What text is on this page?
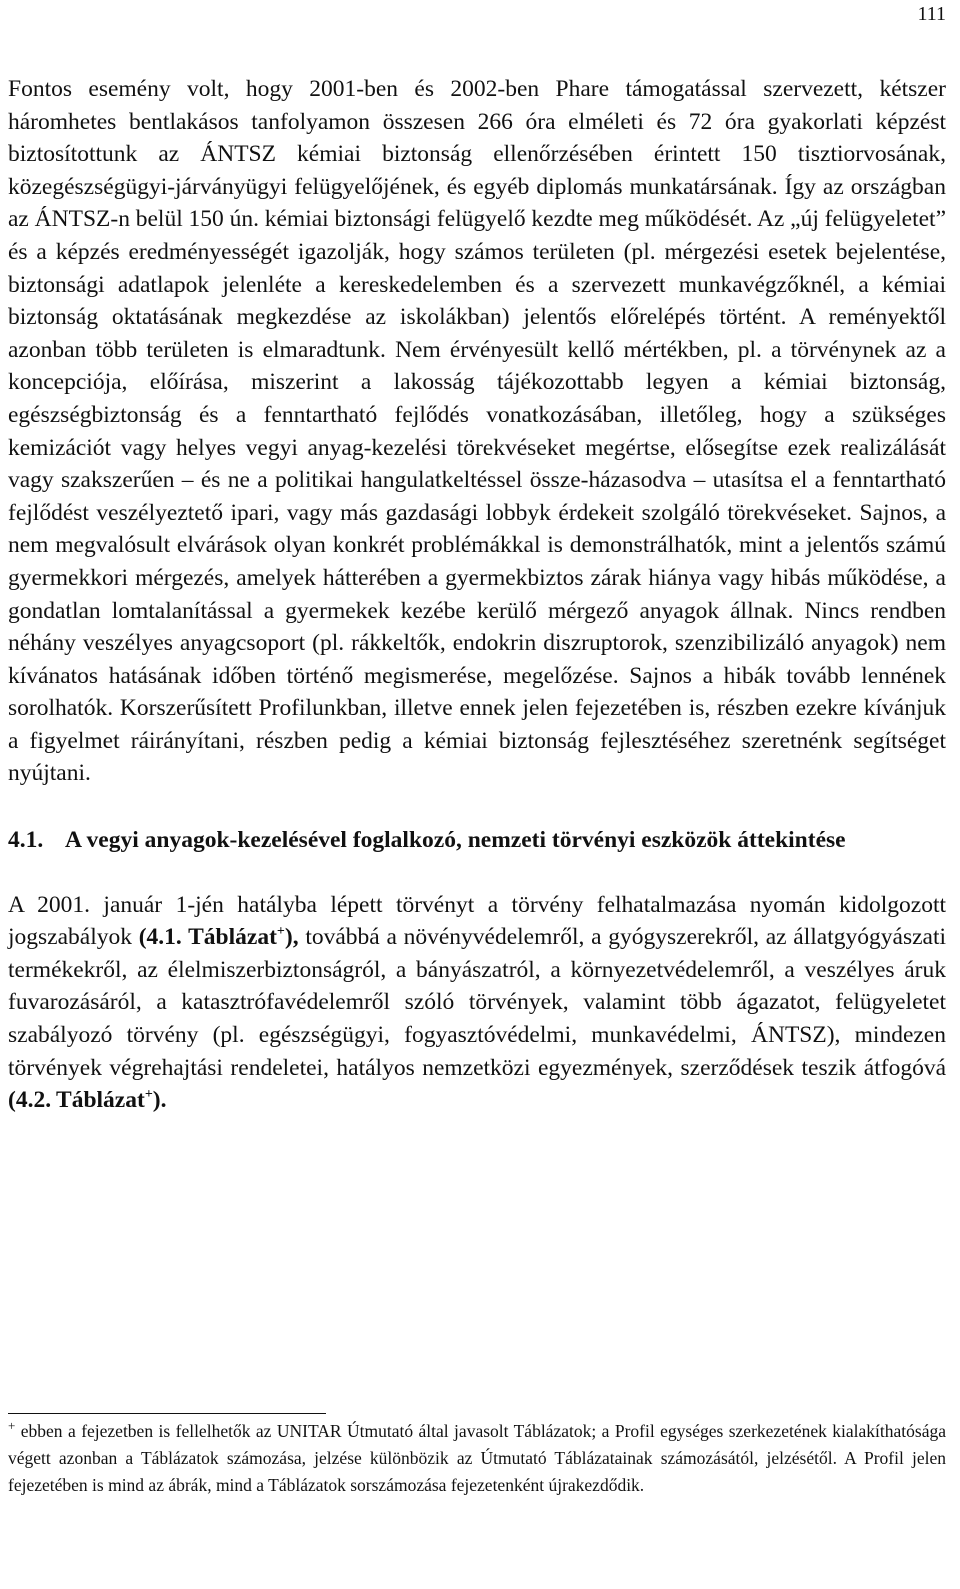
111

Fontos esemény volt, hogy 2001-ben és 2002-ben Phare támogatással szervezett, kétszer háromhetes bentlakásos tanfolyamon összesen 266 óra elméleti és 72 óra gyakorlati képzést biztosítottunk az ÁNTSZ kémiai biztonság ellenőrzésében érintett 150 tisztiorvosának, közegészségügyi-járványügyi felügyelőjének, és egyéb diplomás munkatársának. Így az országban az ÁNTSZ-n belül 150 ún. kémiai biztonsági felügyelő kezdte meg működését. Az „új felügyeletet” és a képzés eredményességét igazolják, hogy számos területen (pl. mérgezési esetek bejelentése, biztonsági adatlapok jelenléte a kereskedelemben és a szervezett munkavégzőknél, a kémiai biztonság oktatásának megkezdése az iskolákban) jelentős előrelépés történt. A reményektől azonban több területen is elmaradtunk. Nem érvényesült kellő mértékben, pl. a törvénynek az a koncepciója, előírása, miszerint a lakosság tájékozottabb legyen a kémiai biztonság, egészségbiztonság és a fenntartható fejlődés vonatkozásában, illetőleg, hogy a szükséges kemizációt vagy helyes vegyi anyag-kezelési törekvéseket megértse, elősegítse ezek realizálását vagy szakszerűen – és ne a politikai hangulatkeltéssel össze-házasodva – utasítsa el a fenntartható fejlődést veszélyeztető ipari, vagy más gazdasági lobbyk érdekeit szolgáló törekvéseket. Sajnos, a nem megvalósult elvárások olyan konkrét problémákkal is demonstrálhatók, mint a jelentős számú gyermekkori mérgezés, amelyek hátterében a gyermekbiztos zárak hiánya vagy hibás működése, a gondatlan lomtalanítással a gyermekek kezébe kerülő mérgező anyagok állnak. Nincs rendben néhány veszélyes anyagcsoport (pl. rákkeltők, endokrin diszruptorok, szenzibilizáló anyagok) nem kívánatos hatásának időben történő megismerése, megelőzése. Sajnos a hibák tovább lennének sorolhatók. Korszerűsített Profilunkban, illetve ennek jelen fejezetében is, részben ezekre kívánjuk a figyelmet ráirányítani, részben pedig a kémiai biztonság fejlesztéséhez szeretnénk segítséget nyújtani.

4.1. A vegyi anyagok-kezelésével foglalkozó, nemzeti törvényi eszközök áttekintése

A 2001. január 1-jén hatályba lépett törvényt a törvény felhatalmazása nyomán kidolgozott jogszabályok (4.1. Táblázat+), továbbá a növényvédelemről, a gyógyszerekről, az állatgyógyászati termékekről, az élelmiszerbiztonságról, a bányászatról, a környezetvédelemről, a veszélyes áruk fuvarozásáról, a katasztrófavédelemről szóló törvények, valamint több ágazatot, felügyeletet szabályozó törvény (pl. egészségügyi, fogyasztóvédelmi, munkavédelmi, ÁNTSZ), mindezen törvények végrehajtási rendeletei, hatályos nemzetközi egyezmények, szerződések teszik átfogóvá (4.2. Táblázat+).

+ ebben a fejezetben is fellelhetők az UNITAR Útmutató által javasolt Táblázatok; a Profil egységes szerkezetének kialakíthatósága végett azonban a Táblázatok számozása, jelzése különbözik az Útmutató Táblázatainak számozásától, jelzésétől. A Profil jelen fejezetében is mind az ábrák, mind a Táblázatok sorszámozása fejezetenként újrakezdődik.
